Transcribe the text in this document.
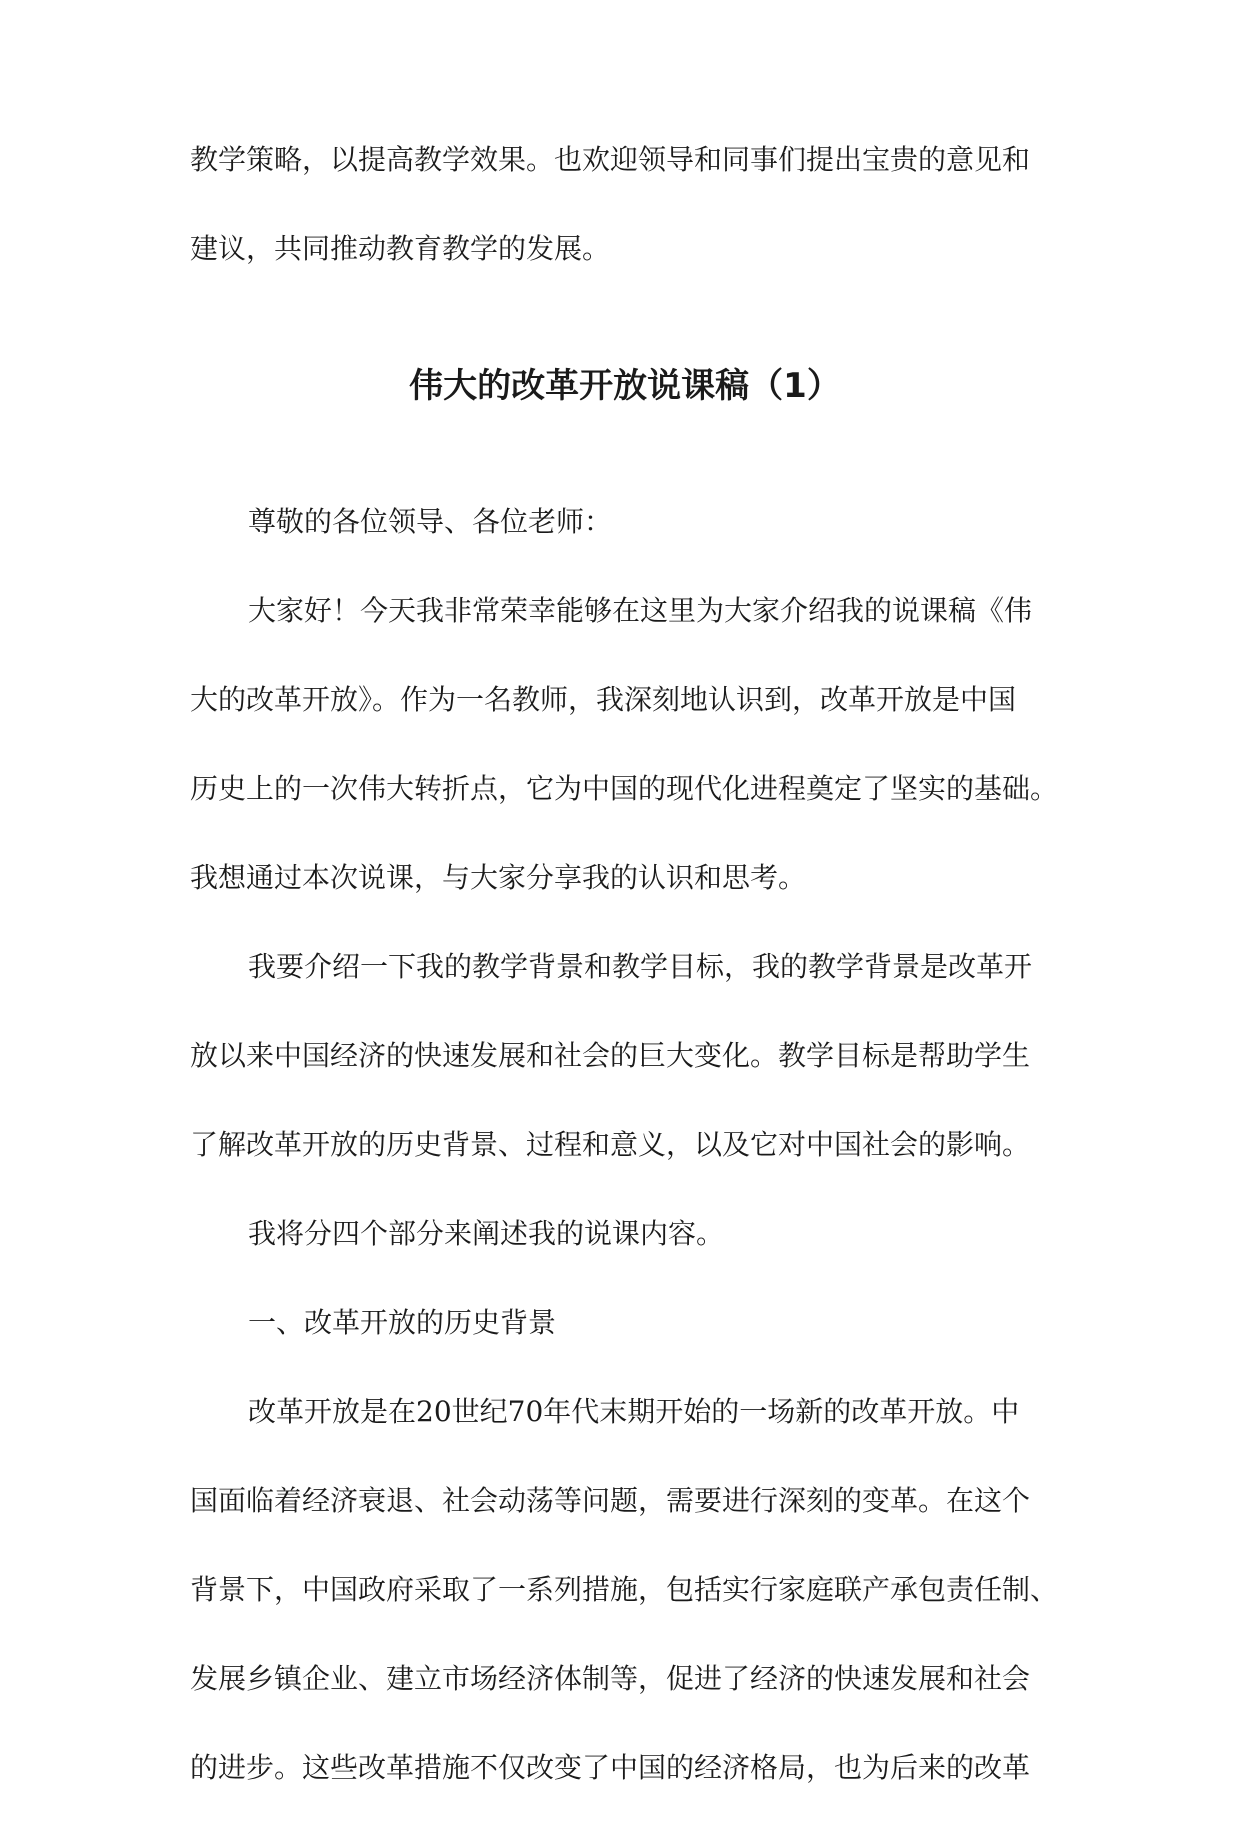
教学策略，以提高教学效果。也欢迎领导和同事们提出宝贵的意见和
建议，共同推动教育教学的发展。
伟大的改革开放说课稿（1）
尊敬的各位领导、各位老师：
大家好！今天我非常荣幸能够在这里为大家介绍我的说课稿《伟
大的改革开放》。作为一名教师，我深刻地认识到，改革开放是中国
历史上的一次伟大转折点，它为中国的现代化进程奠定了坚实的基础。
我想通过本次说课，与大家分享我的认识和思考。
我要介绍一下我的教学背景和教学目标，我的教学背景是改革开
放以来中国经济的快速发展和社会的巨大变化。教学目标是帮助学生
了解改革开放的历史背景、过程和意义，以及它对中国社会的影响。
我将分四个部分来阐述我的说课内容。
一、改革开放的历史背景
改革开放是在20世纪70年代末期开始的一场新的改革开放。中
国面临着经济衰退、社会动荡等问题，需要进行深刻的变革。在这个
背景下，中国政府采取了一系列措施，包括实行家庭联产承包责任制、
发展乡镇企业、建立市场经济体制等，促进了经济的快速发展和社会
的进步。这些改革措施不仅改变了中国的经济格局，也为后来的改革
